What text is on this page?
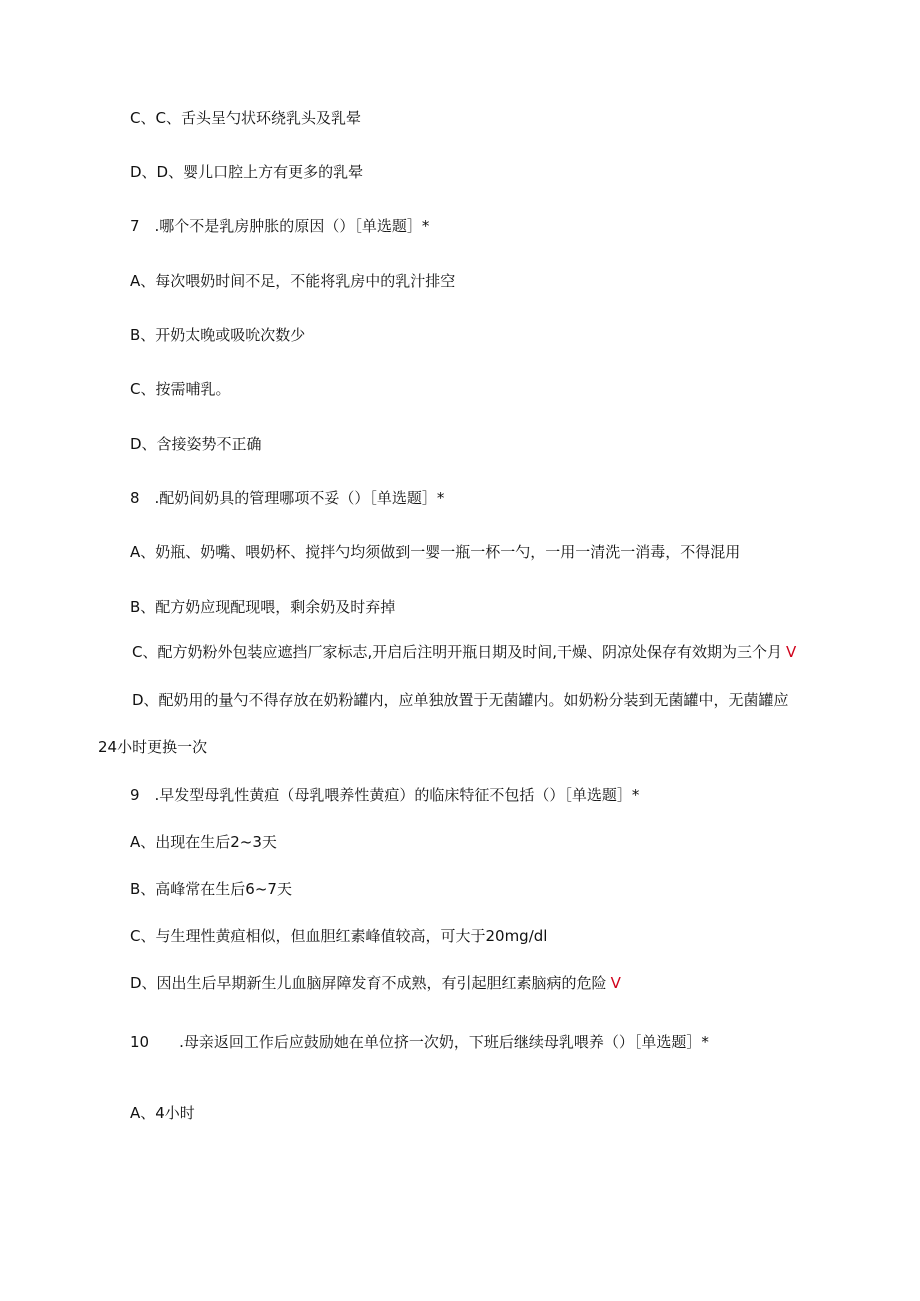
C、C、舌头呈勺状环绕乳头及乳晕
D、D、婴儿口腔上方有更多的乳晕
7　.哪个不是乳房肿胀的原因（）［单选题］*
A、每次喂奶时间不足，不能将乳房中的乳汁排空
B、开奶太晚或吸吮次数少
C、按需哺乳。
D、含接姿势不正确
8　.配奶间奶具的管理哪项不妥（）［单选题］*
A、奶瓶、奶嘴、喂奶杯、搅拌勺均须做到一婴一瓶一杯一勺，一用一清洗一消毒，不得混用
B、配方奶应现配现喂，剩余奶及时弃掉
C、配方奶粉外包装应遮挡厂家标志,开启后注明开瓶日期及时间,干燥、阴凉处保存有效期为三个月 V
D、配奶用的量勺不得存放在奶粉罐内，应单独放置于无菌罐内。如奶粉分装到无菌罐中，无菌罐应
24小时更换一次
9　.早发型母乳性黄疸（母乳喂养性黄疸）的临床特征不包括（）［单选题］*
A、出现在生后2~3天
B、高峰常在生后6~7天
C、与生理性黄疸相似，但血胆红素峰值较高，可大于20mg∕dl
D、因出生后早期新生儿血脑屏障发育不成熟，有引起胆红素脑病的危险 V
10　　.母亲返回工作后应鼓励她在单位挤一次奶，下班后继续母乳喂养（）［单选题］*
A、4小时
